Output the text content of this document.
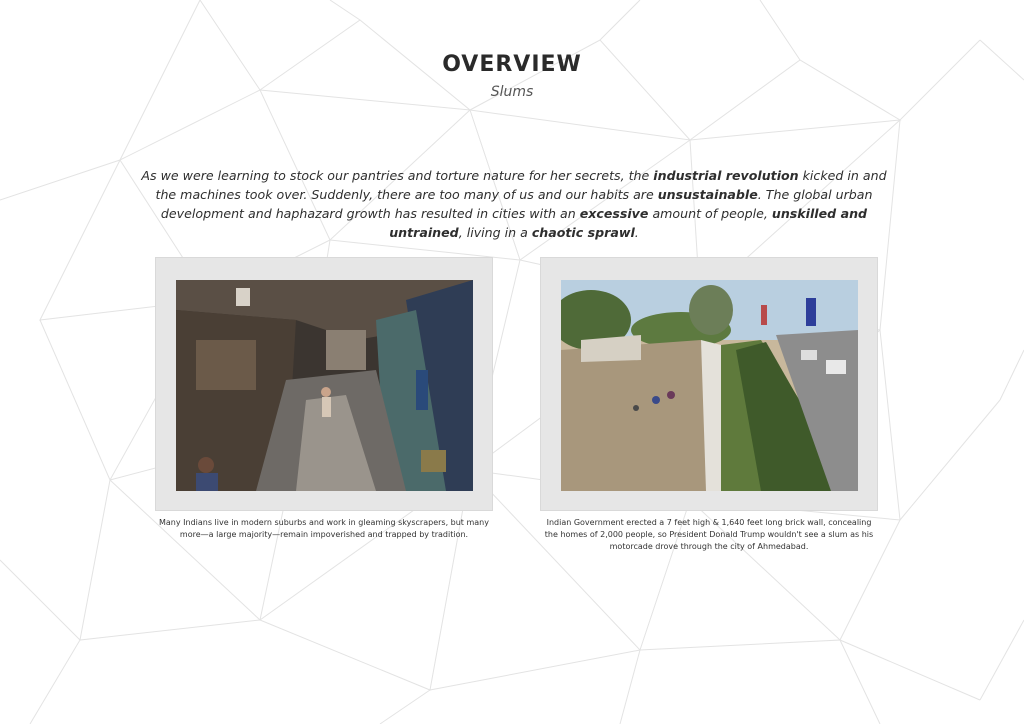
OVERVIEW
Slums

As we were learning to stock our pantries and torture nature for her secrets, the industrial revolution kicked in and the machines took over. Suddenly, there are too many of us and our habits are unsustainable. The global urban development and haphazard growth has resulted in cities with an excessive amount of people, unskilled and untrained, living in a chaotic sprawl.

Many Indians live in modern suburbs and work in gleaming skyscrapers, but many more—a large majority—remain impoverished and trapped by tradition.
Indian Government erected a 7 feet high & 1,640 feet long brick wall, concealing the homes of 2,000 people, so President Donald Trump wouldn't see a slum as his motorcade drove through the city of Ahmedabad.
